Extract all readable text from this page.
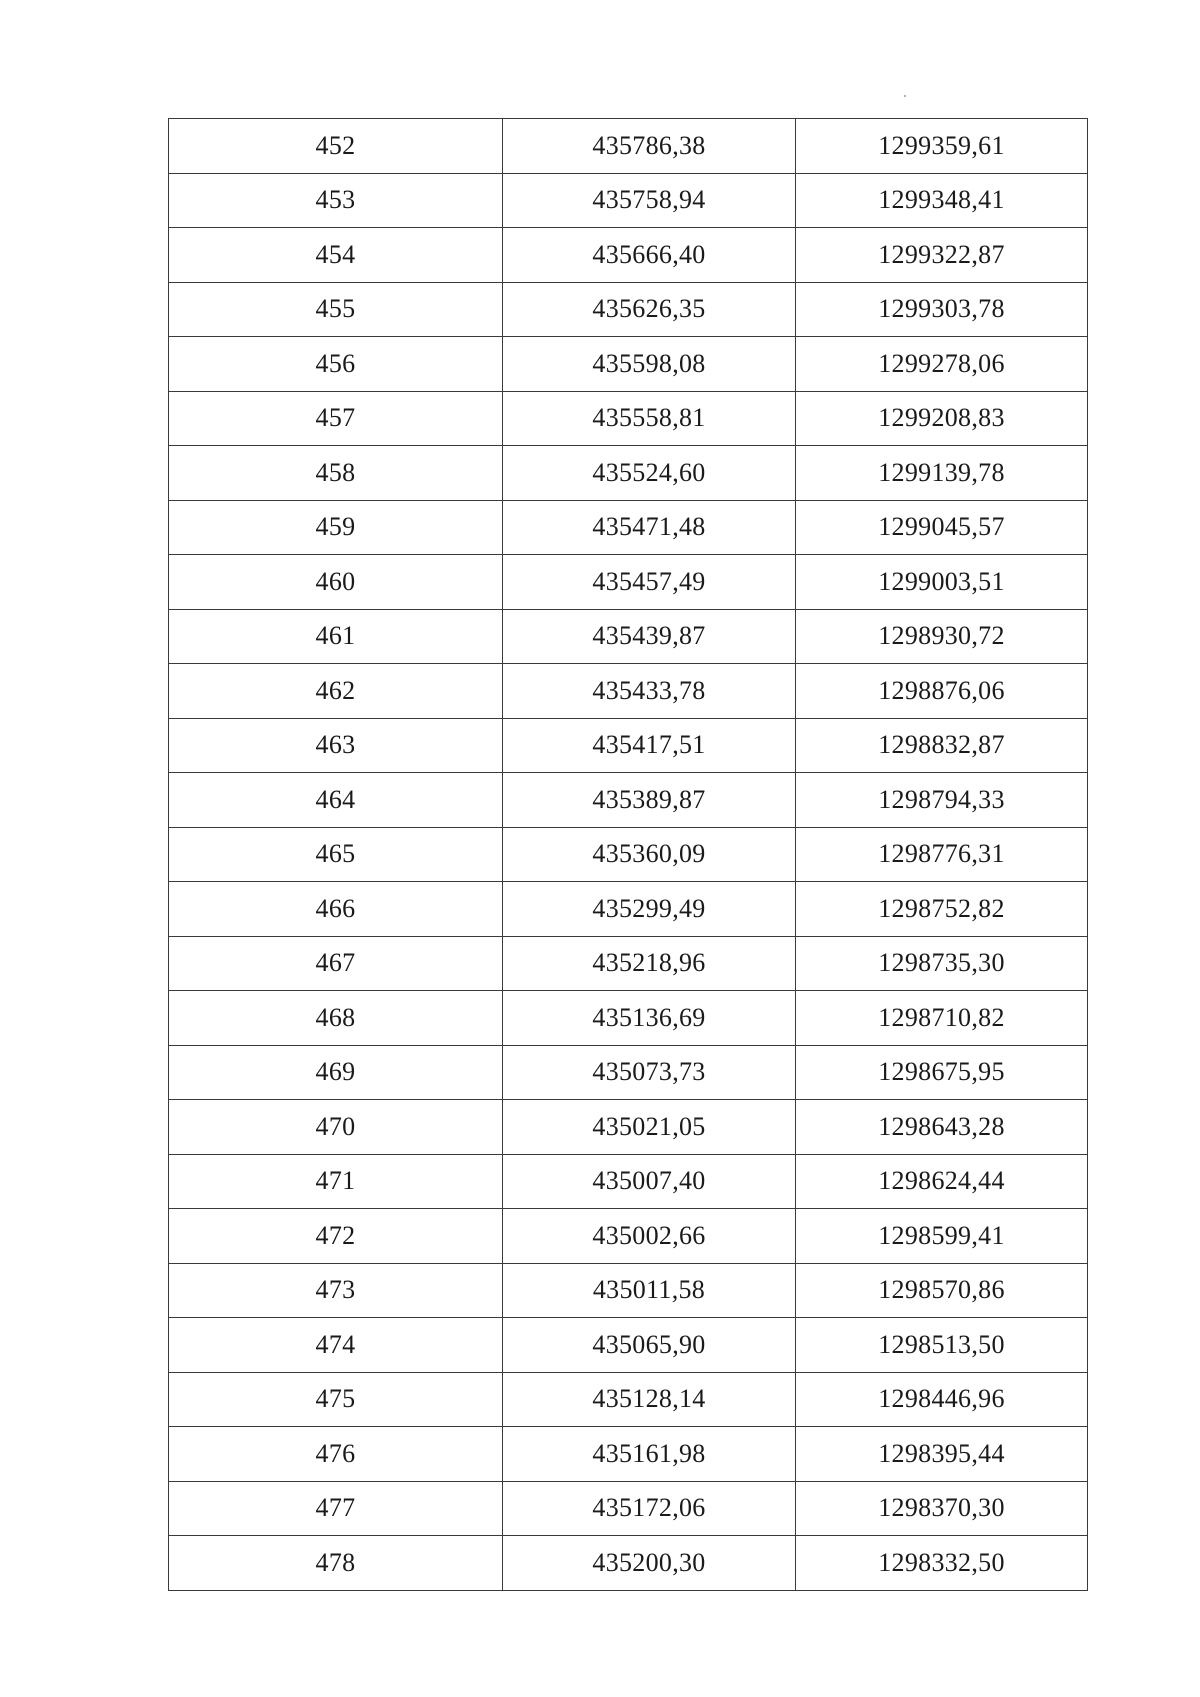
452	435786,38	1299359,61
453	435758,94	1299348,41
454	435666,40	1299322,87
455	435626,35	1299303,78
456	435598,08	1299278,06
457	435558,81	1299208,83
458	435524,60	1299139,78
459	435471,48	1299045,57
460	435457,49	1299003,51
461	435439,87	1298930,72
462	435433,78	1298876,06
463	435417,51	1298832,87
464	435389,87	1298794,33
465	435360,09	1298776,31
466	435299,49	1298752,82
467	435218,96	1298735,30
468	435136,69	1298710,82
469	435073,73	1298675,95
470	435021,05	1298643,28
471	435007,40	1298624,44
472	435002,66	1298599,41
473	435011,58	1298570,86
474	435065,90	1298513,50
475	435128,14	1298446,96
476	435161,98	1298395,44
477	435172,06	1298370,30
478	435200,30	1298332,50
